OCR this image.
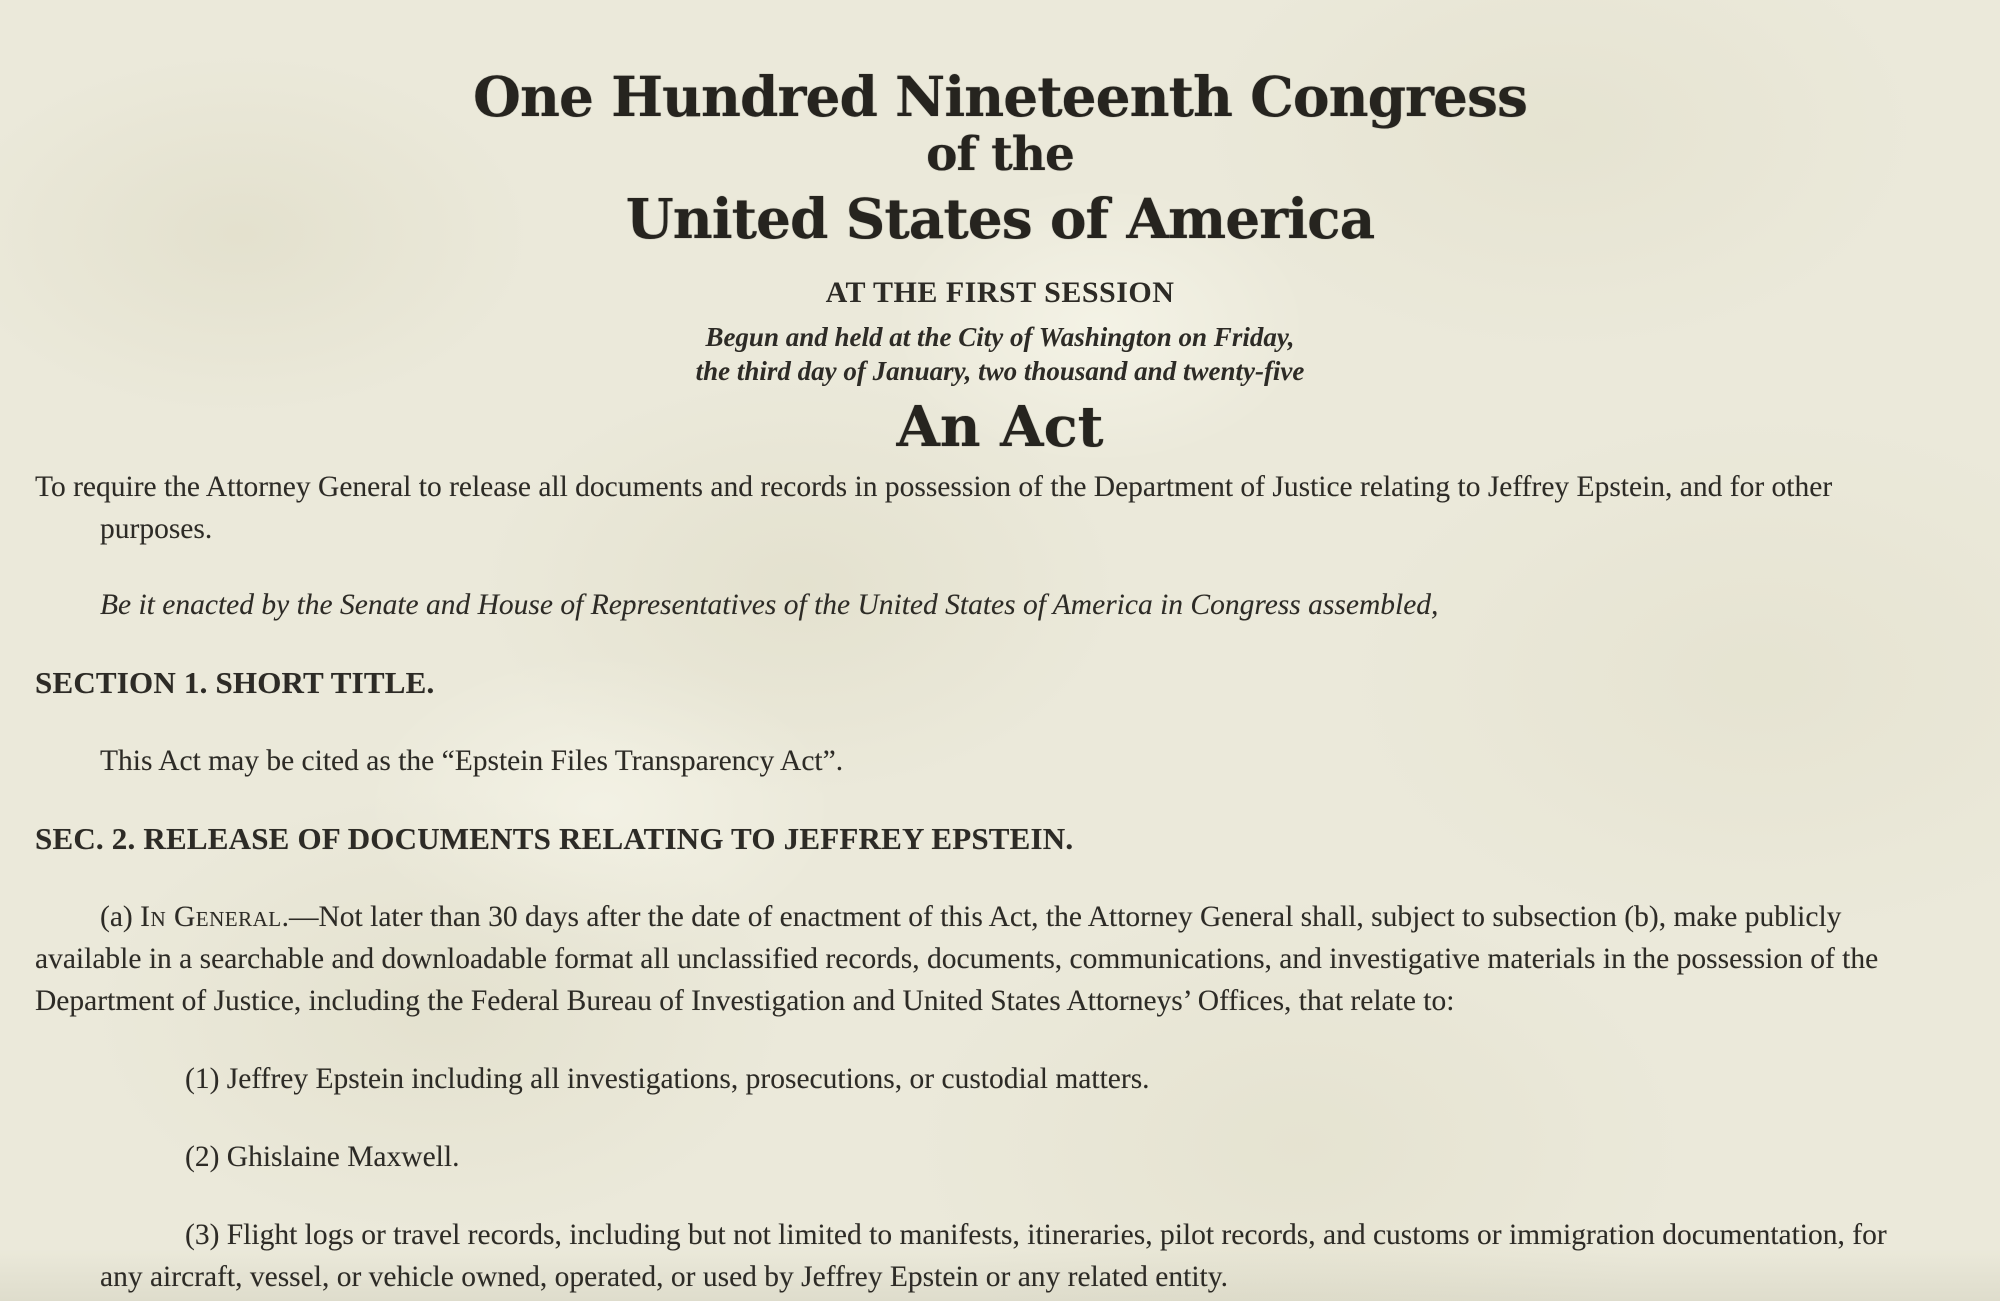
One Hundred Nineteenth Congress
of the
United States of America
AT THE FIRST SESSION
Begun and held at the City of Washington on Friday,
the third day of January, two thousand and twenty-five
An Act
To require the Attorney General to release all documents and records in possession of the Department of Justice relating to Jeffrey Epstein, and for other purposes.
Be it enacted by the Senate and House of Representatives of the United States of America in Congress assembled,
SECTION 1. SHORT TITLE.
This Act may be cited as the “Epstein Files Transparency Act”.
SEC. 2. RELEASE OF DOCUMENTS RELATING TO JEFFREY EPSTEIN.
(a) In General.—Not later than 30 days after the date of enactment of this Act, the Attorney General shall, subject to subsection (b), make publicly available in a searchable and downloadable format all unclassified records, documents, communications, and investigative materials in the possession of the Department of Justice, including the Federal Bureau of Investigation and United States Attorneys’ Offices, that relate to:
(1) Jeffrey Epstein including all investigations, prosecutions, or custodial matters.
(2) Ghislaine Maxwell.
(3) Flight logs or travel records, including but not limited to manifests, itineraries, pilot records, and customs or immigration documentation, for any aircraft, vessel, or vehicle owned, operated, or used by Jeffrey Epstein or any related entity.
